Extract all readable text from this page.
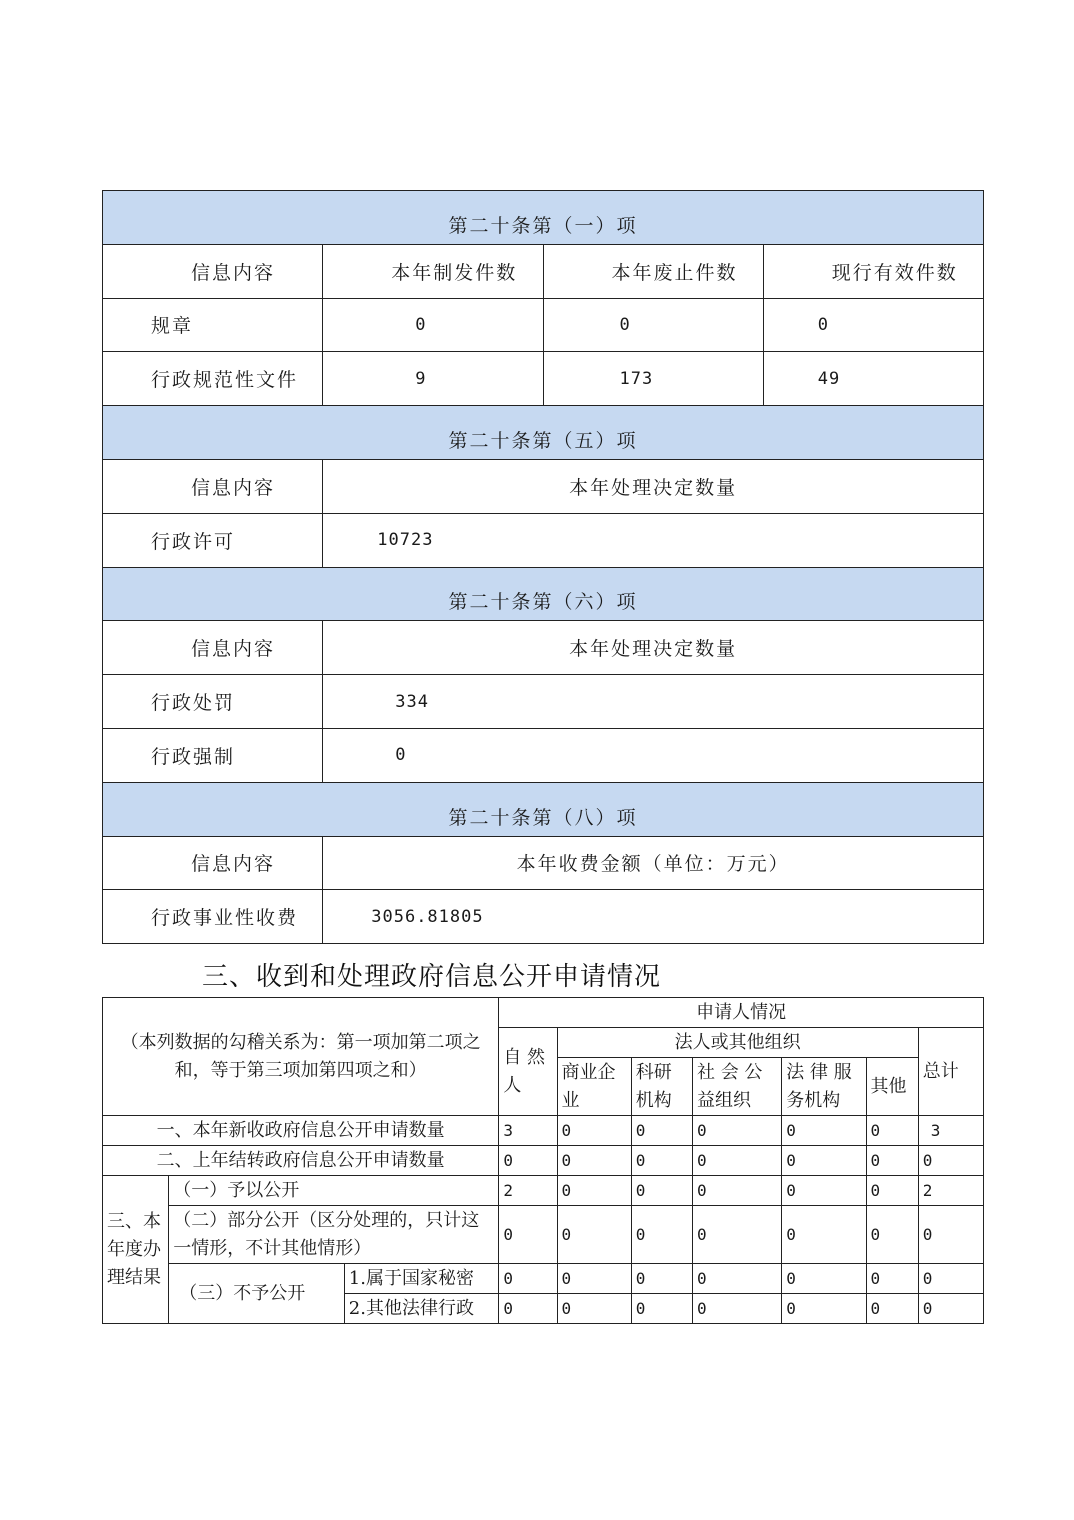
第二十条第（一）项			
信息内容	本年制发件数	本年废止件数	现行有效件数
规章	0	0	0
行政规范性文件	9	173	49
第二十条第（五）项			
信息内容	本年处理决定数量		
行政许可	10723		
第二十条第（六）项			
信息内容	本年处理决定数量		
行政处罚	334		
行政强制	0		
第二十条第（八）项			
信息内容	本年收费金额（单位：万元）		
行政事业性收费	3056.81805		
三、收到和处理政府信息公开申请情况
（本列数据的勾稽关系为：第一项加第二项之和，等于第三项加第四项之和）			申请人情况						
			自 然 人	法人或其他组织					总计
				商业企业	科研机构	社 会 公 益组织	法 律 服 务机构	其他	
一、本年新收政府信息公开申请数量			3	0	0	0	0	0	3
二、上年结转政府信息公开申请数量			0	0	0	0	0	0	0
三、本年度办理结果	（一）予以公开		2	0	0	0	0	0	2
	（二）部分公开（区分处理的，只计这一情形，不计其他情形）		0	0	0	0	0	0	0
	（三）不予公开	1.属于国家秘密	0	0	0	0	0	0	0
		2.其他法律行政	0	0	0	0	0	0	0
